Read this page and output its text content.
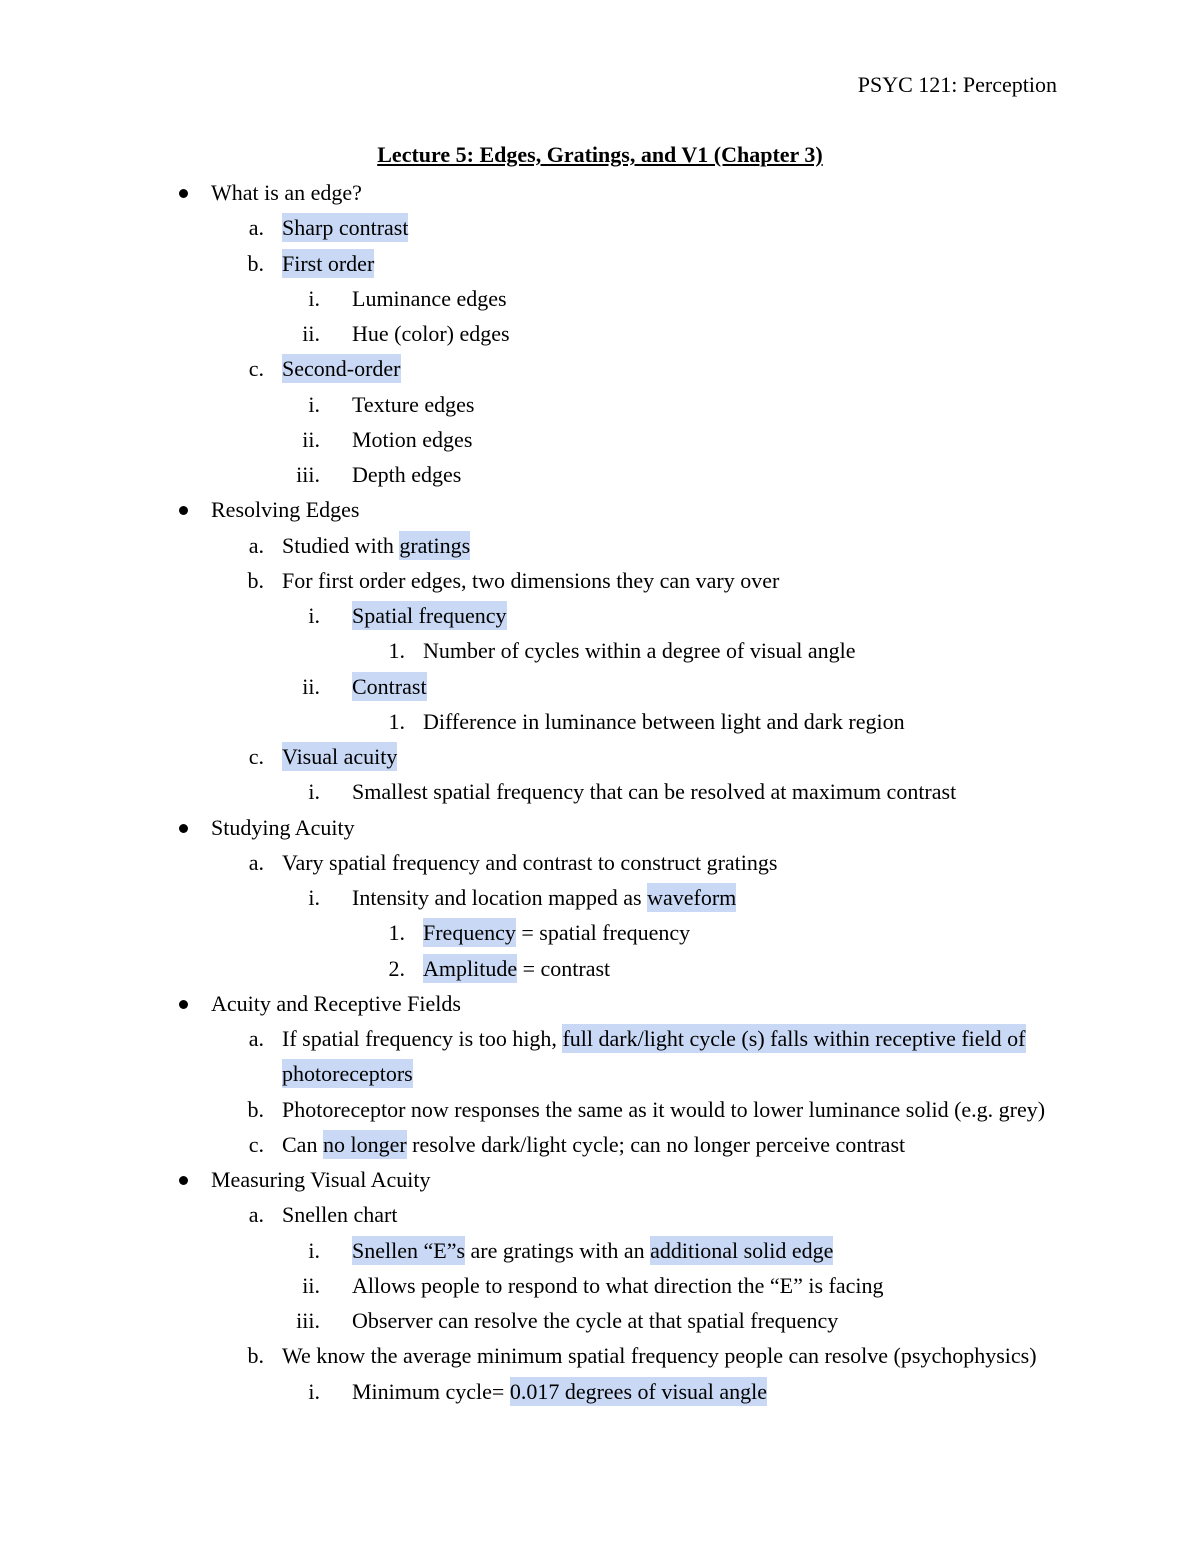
PSYC 121: Perception
Lecture 5: Edges, Gratings, and V1 (Chapter 3)
What is an edge?
a. Sharp contrast
b. First order
i. Luminance edges
ii. Hue (color) edges
c. Second-order
i. Texture edges
ii. Motion edges
iii. Depth edges
Resolving Edges
a. Studied with gratings
b. For first order edges, two dimensions they can vary over
i. Spatial frequency
1. Number of cycles within a degree of visual angle
ii. Contrast
1. Difference in luminance between light and dark region
c. Visual acuity
i. Smallest spatial frequency that can be resolved at maximum contrast
Studying Acuity
a. Vary spatial frequency and contrast to construct gratings
i. Intensity and location mapped as waveform
1. Frequency = spatial frequency
2. Amplitude = contrast
Acuity and Receptive Fields
a. If spatial frequency is too high, full dark/light cycle (s) falls within receptive field of
photoreceptors
b. Photoreceptor now responses the same as it would to lower luminance solid (e.g. grey)
c. Can no longer resolve dark/light cycle; can no longer perceive contrast
Measuring Visual Acuity
a. Snellen chart
i. Snellen “E”s are gratings with an additional solid edge
ii. Allows people to respond to what direction the “E” is facing
iii. Observer can resolve the cycle at that spatial frequency
b. We know the average minimum spatial frequency people can resolve (psychophysics)
i. Minimum cycle= 0.017 degrees of visual angle
